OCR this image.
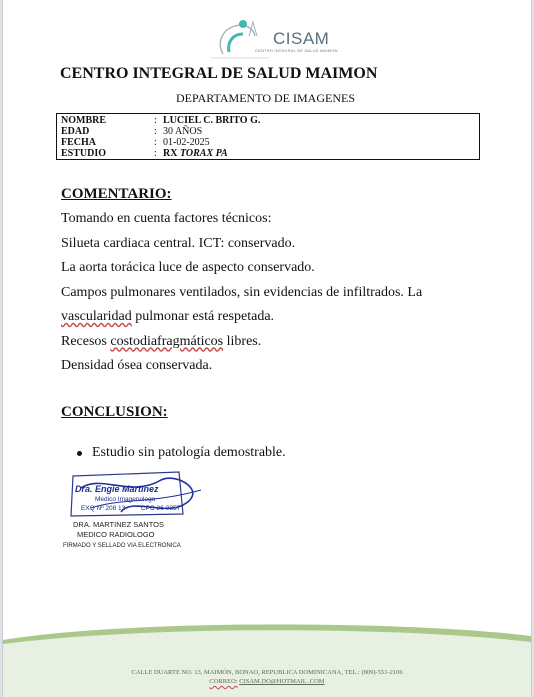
CISAM
CENTRO INTEGRAL DE SALUD MAIMON
CENTRO INTEGRAL DE SALUD MAIMON
DEPARTAMENTO DE IMAGENES
NOMBRE	: LUCIEL C. BRITO G.
EDAD	: 30 AÑOS
FECHA	: 01-02-2025
ESTUDIO	: RX TORAX PA
COMENTARIO:
Tomando en cuenta factores técnicos:
Silueta cardiaca central. ICT: conservado.
La aorta torácica luce de aspecto conservado.
Campos pulmonares ventilados, sin evidencias de infiltrados. La
vascularidad pulmonar está respetada.
Recesos costodiafragmáticos libres.
Densidad ósea conservada.
CONCLUSION:
Estudio sin patología demostrable.
Dra. Engie Martinez
Medico Imagenologo
EXQ Nº 208 13 CPC 26-0357
DRA. MARTINEZ SANTOS
MEDICO RADIOLOGO
FIRMADO Y SELLADO VIA ELECTRONICA
CALLE DUARTE NO. 13, MAIMÓN, BONAO, REPUBLICA DOMINICANA, TEL.: (809)-551-2106
CORREO: CISAM.DO@HOTMAIL .COM
